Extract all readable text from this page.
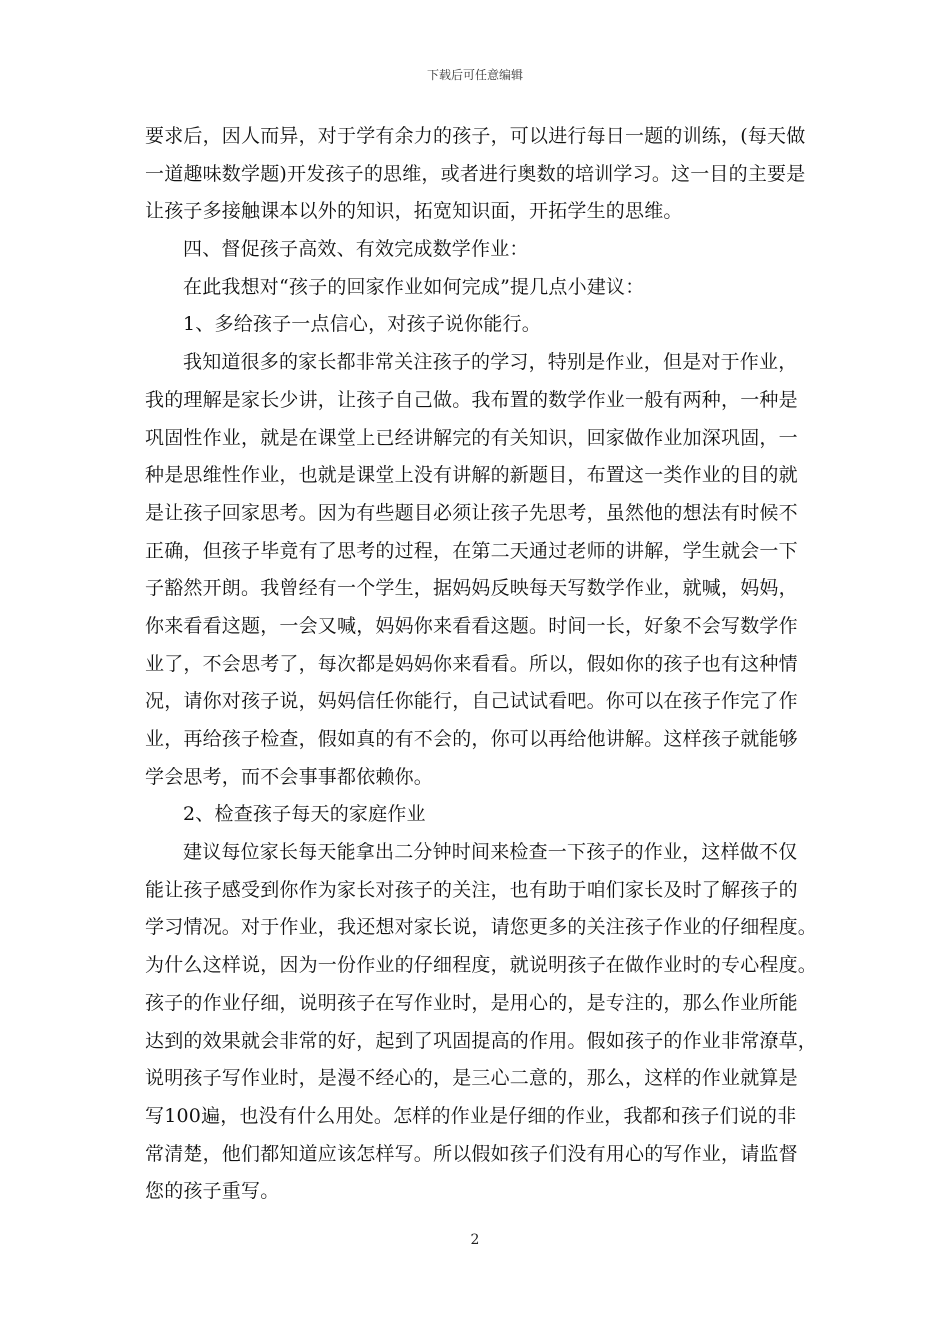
下载后可任意编辑
要求后，因人而异，对于学有余力的孩子，可以进行每日一题的训练，(每天做
一道趣味数学题)开发孩子的思维，或者进行奥数的培训学习。这一目的主要是
让孩子多接触课本以外的知识，拓宽知识面，开拓学生的思维。
四、督促孩子高效、有效完成数学作业：
在此我想对“孩子的回家作业如何完成”提几点小建议：
1、多给孩子一点信心，对孩子说你能行。
我知道很多的家长都非常关注孩子的学习，特别是作业，但是对于作业，
我的理解是家长少讲，让孩子自己做。我布置的数学作业一般有两种，一种是
巩固性作业，就是在课堂上已经讲解完的有关知识，回家做作业加深巩固，一
种是思维性作业，也就是课堂上没有讲解的新题目，布置这一类作业的目的就
是让孩子回家思考。因为有些题目必须让孩子先思考，虽然他的想法有时候不
正确，但孩子毕竟有了思考的过程，在第二天通过老师的讲解，学生就会一下
子豁然开朗。我曾经有一个学生，据妈妈反映每天写数学作业，就喊，妈妈，
你来看看这题，一会又喊，妈妈你来看看这题。时间一长，好象不会写数学作
业了，不会思考了，每次都是妈妈你来看看。所以，假如你的孩子也有这种情
况，请你对孩子说，妈妈信任你能行，自己试试看吧。你可以在孩子作完了作
业，再给孩子检查，假如真的有不会的，你可以再给他讲解。这样孩子就能够
学会思考，而不会事事都依赖你。
2、检查孩子每天的家庭作业
建议每位家长每天能拿出二分钟时间来检查一下孩子的作业，这样做不仅
能让孩子感受到你作为家长对孩子的关注，也有助于咱们家长及时了解孩子的
学习情况。对于作业，我还想对家长说，请您更多的关注孩子作业的仔细程度。
为什么这样说，因为一份作业的仔细程度，就说明孩子在做作业时的专心程度。
孩子的作业仔细，说明孩子在写作业时，是用心的，是专注的，那么作业所能
达到的效果就会非常的好，起到了巩固提高的作用。假如孩子的作业非常潦草，
说明孩子写作业时，是漫不经心的，是三心二意的，那么，这样的作业就算是
写100遍，也没有什么用处。怎样的作业是仔细的作业，我都和孩子们说的非
常清楚，他们都知道应该怎样写。所以假如孩子们没有用心的写作业，请监督
您的孩子重写。
2
